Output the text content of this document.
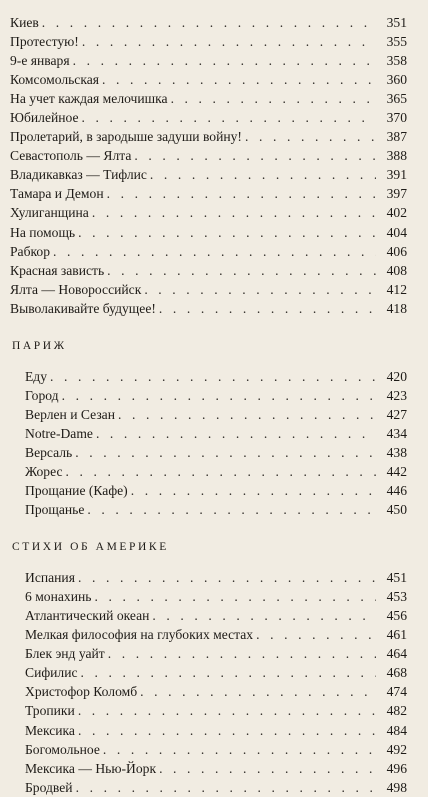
Киев . . .	351
Протестую! . . .	355
9-е января . . .	358
Комсомольская . . .	360
На учет каждая мелочишка . . .	365
Юбилейное . . .	370
Пролетарий, в зародыше задуши войну! . . .	387
Севастополь — Ялта . . .	388
Владикавказ — Тифлис . . .	391
Тамара и Демон . . .	397
Хулиганщина . . .	402
На помощь . . .	404
Рабкор . . .	406
Красная зависть . . .	408
Ялта — Новороссийск . . .	412
Выволакивайте будущее! . . .	418
ПАРИЖ
Еду . . .	420
Город . . .	423
Верлен и Сезан . . .	427
Notre-Dame . . .	434
Версаль . . .	438
Жорес . . .	442
Прощание (Кафе) . . .	446
Прощанье . . .	450
СТИХИ ОБ АМЕРИКЕ
Испания . . .	451
6 монахинь . . .	453
Атлантический океан . . .	456
Мелкая философия на глубоких местах . . .	461
Блек энд уайт . . .	464
Сифилис . . .	468
Христофор Коломб . . .	474
Тропики . . .	482
Мексика . . .	484
Богомольное . . .	492
Мексика — Нью-Йорк . . .	496
Бродвей . . .	498
